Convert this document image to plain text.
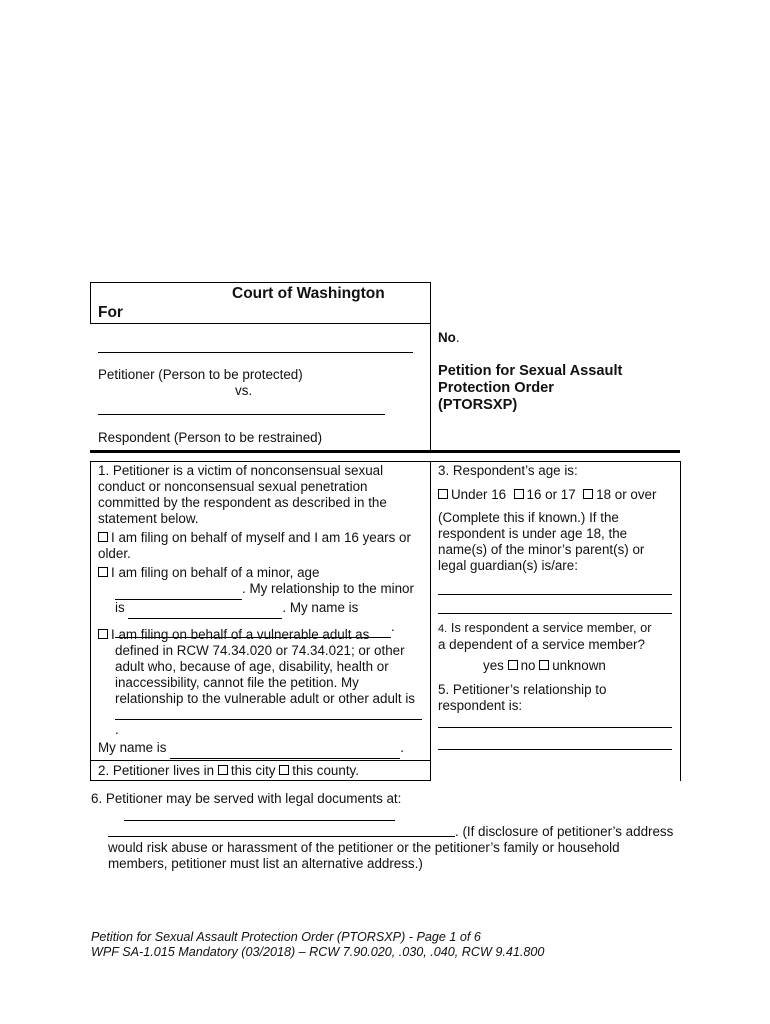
Court of Washington
For
Petitioner (Person to be protected)
vs.
Respondent (Person to be restrained)
No.
Petition for Sexual Assault
Protection Order
(PTORSXP)
1. Petitioner is a victim of nonconsensual sexual
conduct or nonconsensual sexual penetration
committed by the respondent as described in the
statement below.
I am filing on behalf of myself and I am 16 years or
older.
I am filing on behalf of a minor, age
. My relationship to the minor
is	. My name is
.
I am filing on behalf of a vulnerable adult as
defined in RCW 74.34.020 or 74.34.021; or other
adult who, because of age, disability, health or
inaccessibility, cannot file the petition. My
relationship to the vulnerable adult or other adult is
.
My name is	.
2. Petitioner lives in this city this county.
3. Respondent’s age is:
Under 16 16 or 17 18 or over
(Complete this if known.) If the
respondent is under age 18, the
name(s) of the minor’s parent(s) or
legal guardian(s) is/are:
4. Is respondent a service member, or
a dependent of a service member?
yes no unknown
5. Petitioner’s relationship to
respondent is:
6. Petitioner may be served with legal documents at:
. (If disclosure of petitioner’s address
would risk abuse or harassment of the petitioner or the petitioner’s family or household
members, petitioner must list an alternative address.)
Petition for Sexual Assault Protection Order (PTORSXP) - Page 1 of 6
WPF SA-1.015 Mandatory (03/2018) – RCW 7.90.020, .030, .040, RCW 9.41.800
